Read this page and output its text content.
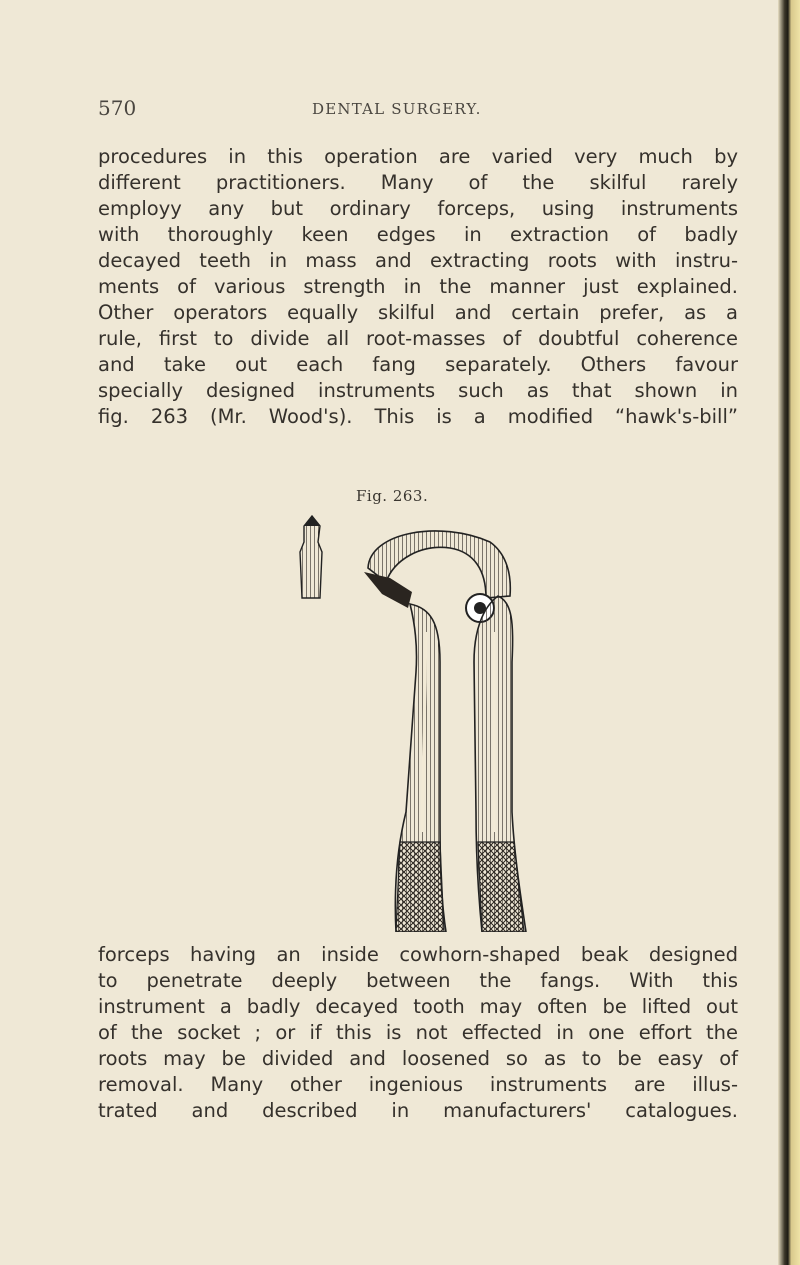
570	DENTAL SURGERY.

procedures in this operation are varied very much by
different practitioners. Many of the skilful rarely
employy any but ordinary forceps, using instruments
with thoroughly keen edges in extraction of badly
decayed teeth in mass and extracting roots with instru-
ments of various strength in the manner just explained.
Other operators equally skilful and certain prefer, as a
rule, first to divide all root-masses of doubtful coherence
and take out each fang separately. Others favour
specially designed instruments such as that shown in
fig. 263 (Mr. Wood's). This is a modified “hawk's-bill”

Fig. 263.

forceps having an inside cowhorn-shaped beak designed
to penetrate deeply between the fangs. With this
instrument a badly decayed tooth may often be lifted out
of the socket ; or if this is not effected in one effort the
roots may be divided and loosened so as to be easy of
removal. Many other ingenious instruments are illus-
trated and described in manufacturers' catalogues.
